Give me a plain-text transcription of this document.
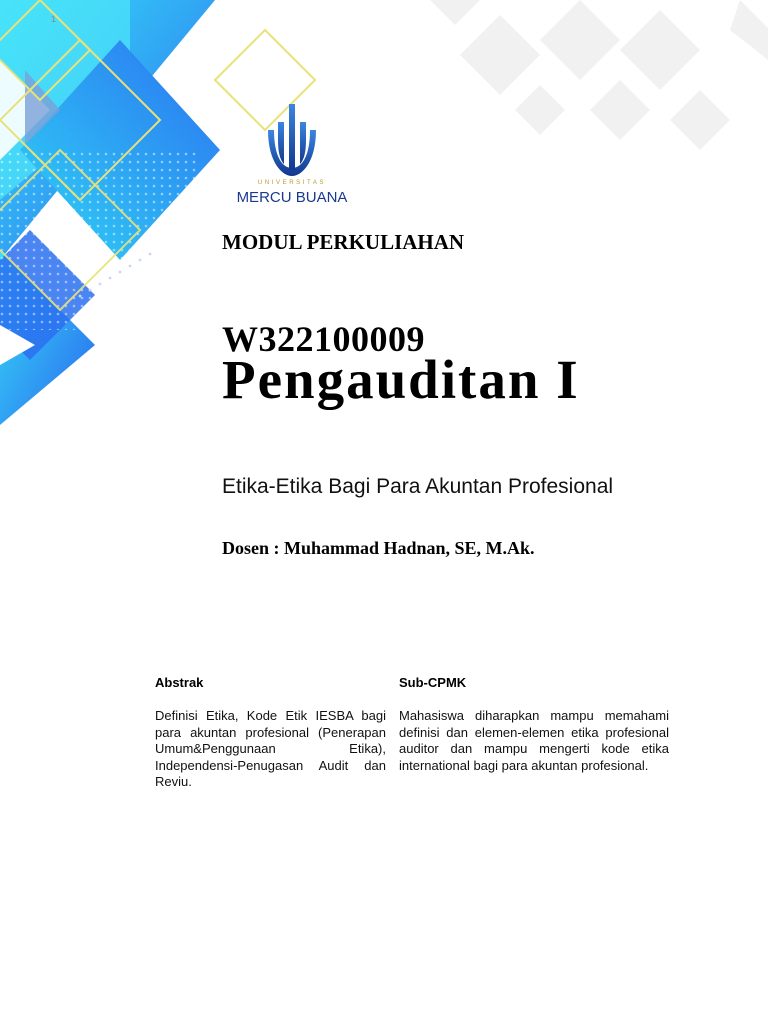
1
UNIVERSITAS
MERCU BUANA
MODUL PERKULIAHAN
W322100009
Pengauditan I
Etika-Etika Bagi Para Akuntan Profesional
Dosen : Muhammad Hadnan, SE, M.Ak.
Abstrak

Definisi Etika, Kode Etik IESBA bagi para akuntan profesional (Penerapan Umum&Penggunaan Etika), Independensi-Penugasan Audit dan Reviu.

Sub-CPMK

Mahasiswa diharapkan mampu memahami definisi dan elemen-elemen etika profesional auditor dan mampu mengerti kode etika international bagi para akuntan profesional.
